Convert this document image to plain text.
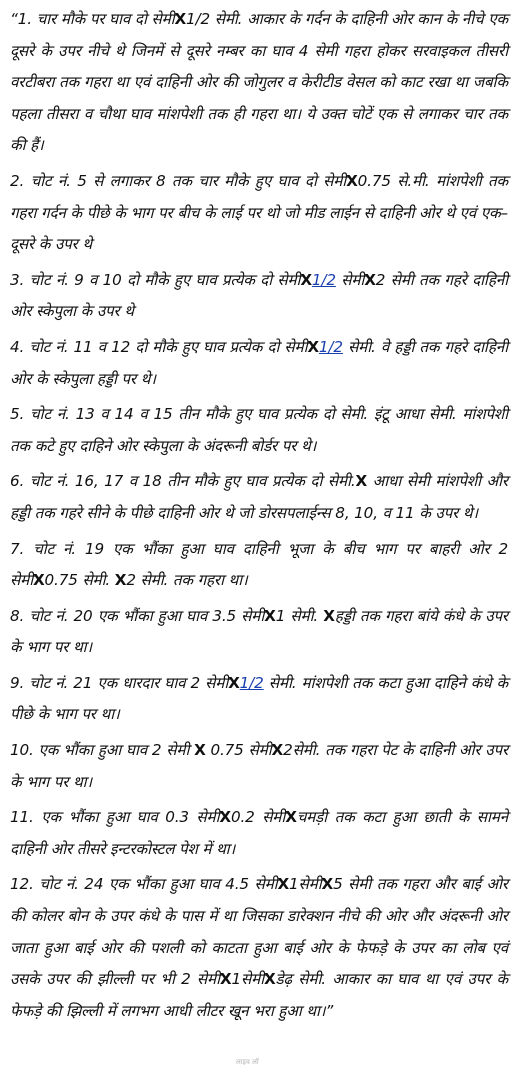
“1. चार मौके पर घाव दो सेमीX1/2 सेमी. आकार के गर्दन के दाहिनी ओर कान के नीचे एक दूसरे के उपर नीचे थे जिनमें से दूसरे नम्बर का घाव 4 सेमी गहरा होकर सरवाइकल तीसरी वरटीबरा तक गहरा था एवं दाहिनी ओर की जोगुलर व केरीटीड वेसल को काट रखा था जबकि पहला तीसरा व चौथा घाव मांशपेशी तक ही गहरा था। ये उक्त चोटें एक से लगाकर चार तक की हैं।

2. चोट नं. 5 से लगाकर 8 तक चार मौके हुए घाव दो सेमीX0.75 से.मी. मांशपेशी तक गहरा गर्दन के पीछे के भाग पर बीच के लाई पर थो जो मीड लाईन से दाहिनी ओर थे एवं एक–दूसरे के उपर थे

3. चोट नं. 9 व 10 दो मौके हुए घाव प्रत्येक दो सेमीX1/2 सेमीX2 सेमी तक गहरे दाहिनी ओर स्केपुला के उपर थे

4. चोट नं. 11 व 12 दो मौके हुए घाव प्रत्येक दो सेमीX1/2 सेमी. वे हड्डी तक गहरे दाहिनी ओर के स्केपुला हड्डी पर थे।

5. चोट नं. 13 व 14 व 15 तीन मौके हुए घाव प्रत्येक दो सेमी. इंटू आधा सेमी. मांशपेशी तक कटे हुए दाहिने ओर स्केपुला के अंदरूनी बोर्डर पर थे।

6. चोट नं. 16, 17 व 18 तीन मौके हुए घाव प्रत्येक दो सेमी.X आधा सेमी मांशपेशी और हड्डी तक गहरे सीने के पीछे दाहिनी ओर थे जो डोरसपलाईन्स 8, 10, व 11 के उपर थे।

7. चोट नं. 19 एक भौंका हुआ घाव दाहिनी भूजा के बीच भाग पर बाहरी ओर 2 सेमीX0.75 सेमी. X2 सेमी. तक गहरा था।

8. चोट नं. 20 एक भौंका हुआ घाव 3.5 सेमीX1 सेमी. Xहड्डी तक गहरा बांये कंधे के उपर के भाग पर था।

9. चोट नं. 21 एक धारदार घाव 2 सेमीX1/2 सेमी. मांशपेशी तक कटा हुआ दाहिने कंधे के पीछे के भाग पर था।

10. एक भौंका हुआ घाव 2 सेमी X 0.75 सेमीX2सेमी. तक गहरा पेट के दाहिनी ओर उपर के भाग पर था।

11. एक भौंका हुआ घाव 0.3 सेमीX0.2 सेमीXचमड़ी तक कटा हुआ छाती के सामने दाहिनी ओर तीसरे इन्टरकोस्टल पेश में था।

12. चोट नं. 24 एक भौंका हुआ घाव 4.5 सेमीX1सेमीX5 सेमी तक गहरा और बाई ओर की कोलर बोन के उपर कंधे के पास में था जिसका डारेक्शन नीचे की ओर और अंदरूनी ओर जाता हुआ बाई ओर की पशली को काटता हुआ बाई ओर के फेफड़े के उपर का लोब एवं उसके उपर की झील्ली पर भी 2 सेमीX1सेमीXडेढ़ सेमी. आकार का घाव था एवं उपर के फेफड़े की झिल्ली में लगभग आधी लीटर खून भरा हुआ था।”

लाइव लॉ
